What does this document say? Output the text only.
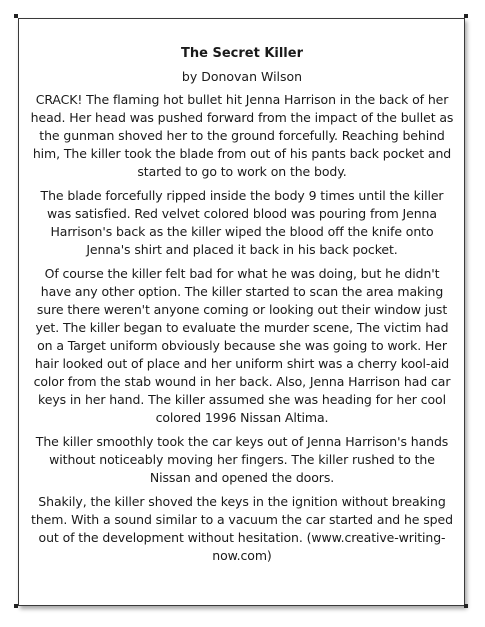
The Secret Killer
by Donovan Wilson

CRACK! The flaming hot bullet hit Jenna Harrison in the back of her head. Her head was pushed forward from the impact of the bullet as the gunman shoved her to the ground forcefully. Reaching behind him, The killer took the blade from out of his pants back pocket and started to go to work on the body.

The blade forcefully ripped inside the body 9 times until the killer was satisfied. Red velvet colored blood was pouring from Jenna Harrison's back as the killer wiped the blood off the knife onto Jenna's shirt and placed it back in his back pocket.

Of course the killer felt bad for what he was doing, but he didn't have any other option. The killer started to scan the area making sure there weren't anyone coming or looking out their window just yet. The killer began to evaluate the murder scene, The victim had on a Target uniform obviously because she was going to work. Her hair looked out of place and her uniform shirt was a cherry kool-aid color from the stab wound in her back. Also, Jenna Harrison had car keys in her hand. The killer assumed she was heading for her cool colored 1996 Nissan Altima.

The killer smoothly took the car keys out of Jenna Harrison's hands without noticeably moving her fingers. The killer rushed to the Nissan and opened the doors.

Shakily, the killer shoved the keys in the ignition without breaking them. With a sound similar to a vacuum the car started and he sped out of the development without hesitation. (www.creative-writing-now.com)
